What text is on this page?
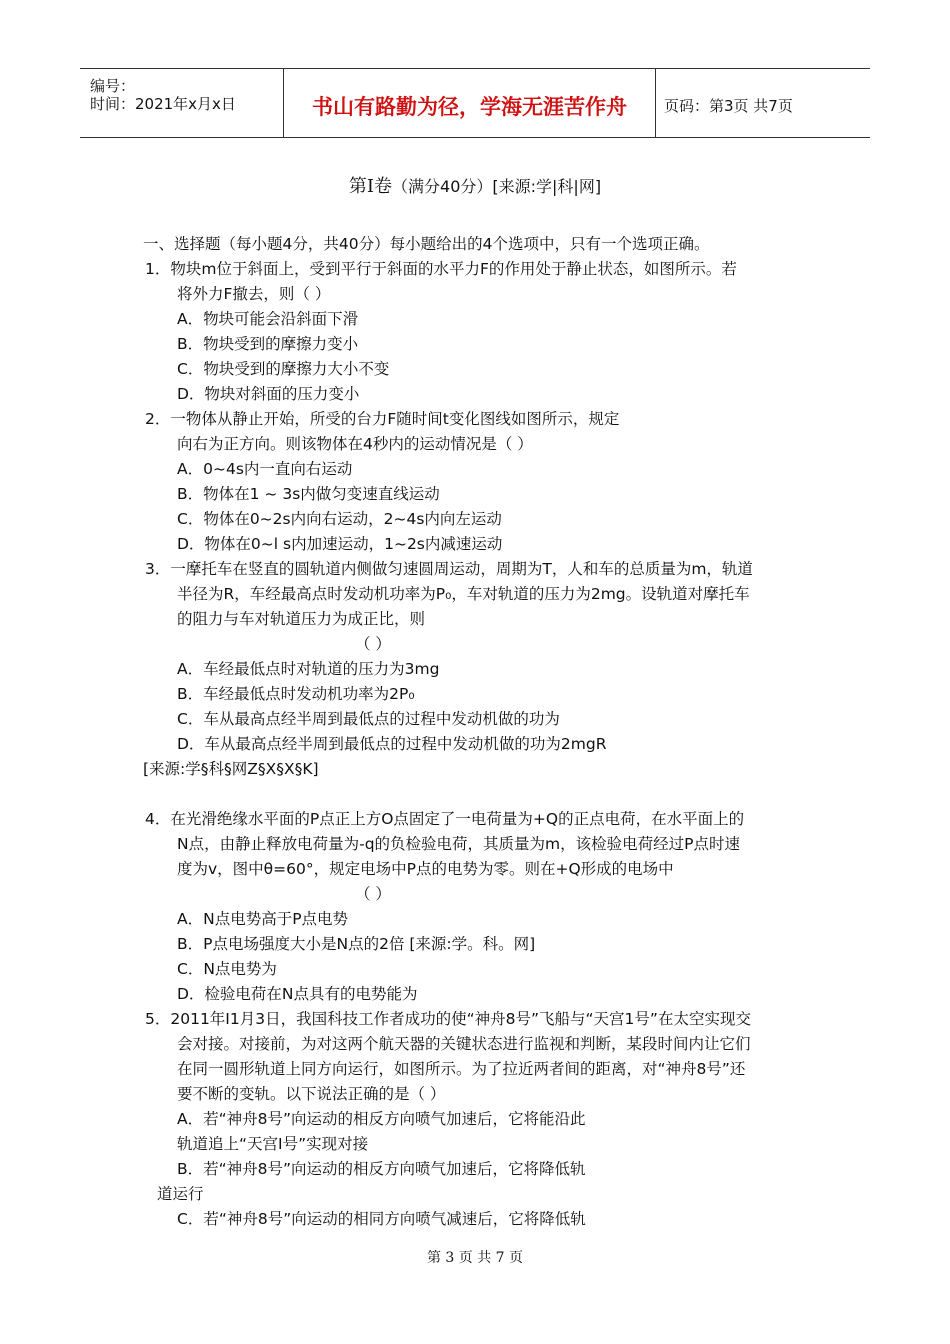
编号：
时间：2021年x月x日	书山有路勤为径，学海无涯苦作舟	页码：第3页 共7页
第Ⅰ卷（满分40分）[来源:学|科|网]
一、选择题（每小题4分，共40分）每小题给出的4个选项中，只有一个选项正确。
1．物块m位于斜面上，受到平行于斜面的水平力F的作用处于静止状态，如图所示。若
将外力F撤去，则（ ）
A．物块可能会沿斜面下滑
B．物块受到的摩擦力变小
C．物块受到的摩擦力大小不变
D．物块对斜面的压力变小
2．一物体从静止开始，所受的台力F随时间t变化图线如图所示，规定
向右为正方向。则该物体在4秒内的运动情况是（ ）
A．0~4s内一直向右运动
B．物体在1 ~ 3s内做匀变速直线运动
C．物体在0~2s内向右运动，2~4s内向左运动
D．物体在0~l s内加速运动，1~2s内减速运动
3．一摩托车在竖直的圆轨道内侧做匀速圆周运动，周期为T，人和车的总质量为m，轨道
半径为R，车经最高点时发动机功率为P₀，车对轨道的压力为2mg。设轨道对摩托车
的阻力与车对轨道压力为成正比，则
（ ）
A．车经最低点时对轨道的压力为3mg
B．车经最低点时发动机功率为2P₀
C．车从最高点经半周到最低点的过程中发动机做的功为
D．车从最高点经半周到最低点的过程中发动机做的功为2mgR
[来源:学§科§网Z§X§X§K]
4．在光滑绝缘水平面的P点正上方O点固定了一电荷量为+Q的正点电荷，在水平面上的
N点，由静止释放电荷量为-q的负检验电荷，其质量为m，该检验电荷经过P点时速
度为v，图中θ=60°，规定电场中P点的电势为零。则在+Q形成的电场中
（ ）
A．N点电势高于P点电势
B．P点电场强度大小是N点的2倍 [来源:学。科。网]
C．N点电势为
D．检验电荷在N点具有的电势能为
5．2011年I1月3日，我国科技工作者成功的使“神舟8号”飞船与“天宫1号”在太空实现交
会对接。对接前，为对这两个航天器的关键状态进行监视和判断，某段时间内让它们
在同一圆形轨道上同方向运行，如图所示。为了拉近两者间的距离，对“神舟8号”还
要不断的变轨。以下说法正确的是（ ）
A．若“神舟8号”向运动的相反方向喷气加速后，它将能沿此
轨道追上“天宫I号”实现对接
B．若“神舟8号”向运动的相反方向喷气加速后，它将降低轨
道运行
C．若“神舟8号”向运动的相同方向喷气减速后，它将降低轨
第 3 页 共 7 页
